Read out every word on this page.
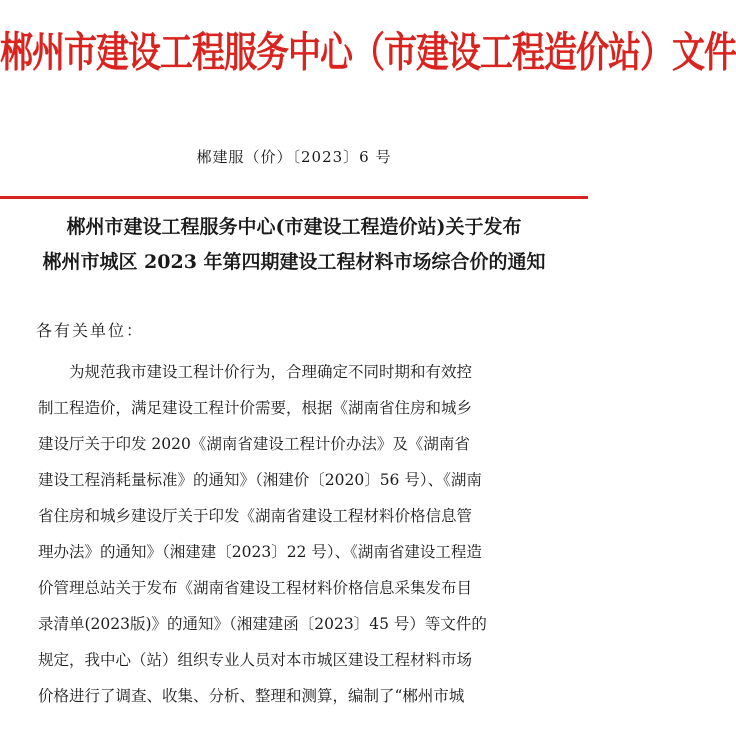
郴州市建设工程服务中心（市建设工程造价站）文件
郴建服（价）〔2023〕6 号
郴州市建设工程服务中心(市建设工程造价站)关于发布
郴州市城区 2023 年第四期建设工程材料市场综合价的通知
各有关单位：
　　为规范我市建设工程计价行为，合理确定不同时期和有效控
制工程造价，满足建设工程计价需要，根据《湖南省住房和城乡
建设厅关于印发 2020《湖南省建设工程计价办法》及《湖南省
建设工程消耗量标准》的通知》（湘建价〔2020〕56 号）、《湖南
省住房和城乡建设厅关于印发《湖南省建设工程材料价格信息管
理办法》的通知》（湘建建〔2023〕22 号）、《湖南省建设工程造
价管理总站关于发布《湖南省建设工程材料价格信息采集发布目
录清单(2023版)》的通知》（湘建建函〔2023〕45 号）等文件的
规定，我中心（站）组织专业人员对本市城区建设工程材料市场
价格进行了调查、收集、分析、整理和测算，编制了“郴州市城
